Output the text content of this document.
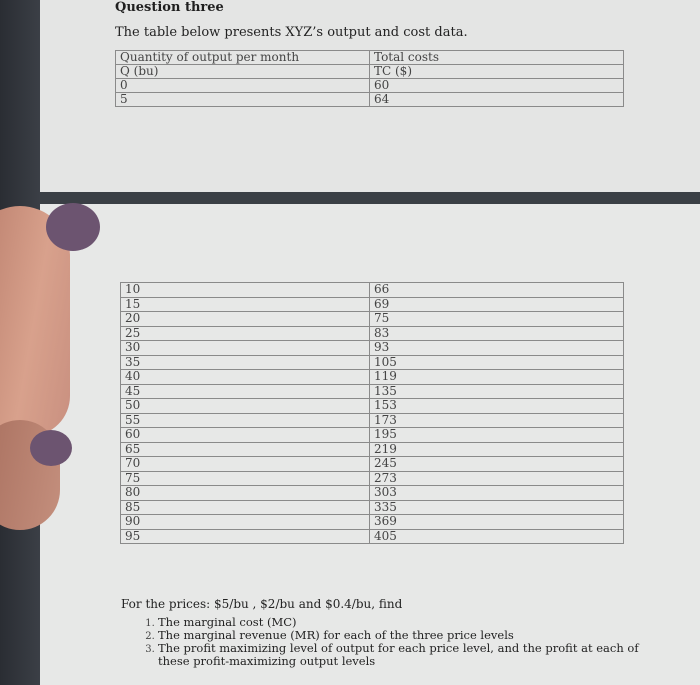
Question three
The table below presents XYZ’s output and cost data.
Quantity of output per month	Total costs
Q (bu)	TC ($)
0	60
5	64
10	66
15	69
20	75
25	83
30	93
35	105
40	119
45	135
50	153
55	173
60	195
65	219
70	245
75	273
80	303
85	335
90	369
95	405
For the prices: $5/bu , $2/bu and $0.4/bu, find
1. The marginal cost (MC)
2. The marginal revenue (MR) for each of the three price levels
3. The profit maximizing level of output for each price level, and the profit at each of these profit-maximizing output levels
